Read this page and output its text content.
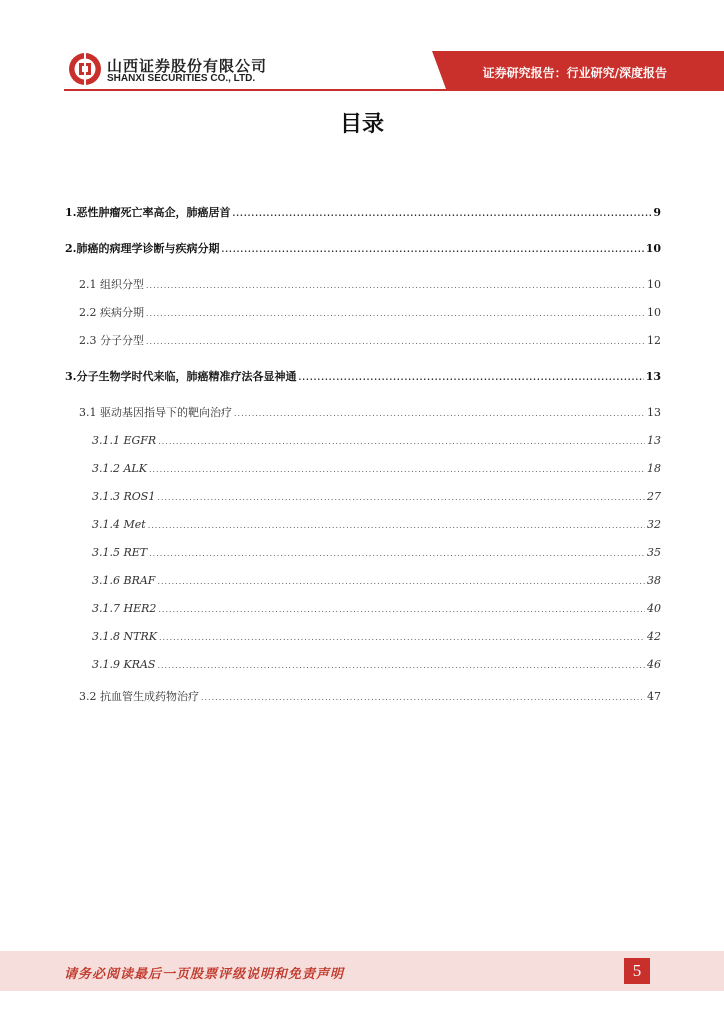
证券研究报告：行业研究/深度报告
山西证券股份有限公司
SHANXI SECURITIES CO., LTD.
目录
1.恶性肿瘤死亡率高企，肺癌居首 .....	9
2.肺癌的病理学诊断与疾病分期 .....	10
2.1 组织分型 .....	10
2.2 疾病分期 .....	10
2.3 分子分型 .....	12
3.分子生物学时代来临，肺癌精准疗法各显神通 .....	13
3.1 驱动基因指导下的靶向治疗 .....	13
3.1.1 EGFR .....	13
3.1.2 ALK .....	18
3.1.3 ROS1 .....	27
3.1.4 Met .....	32
3.1.5 RET .....	35
3.1.6 BRAF .....	38
3.1.7 HER2 .....	40
3.1.8 NTRK .....	42
3.1.9 KRAS .....	46
3.2 抗血管生成药物治疗 .....	47
请务必阅读最后一页股票评级说明和免责声明	5
